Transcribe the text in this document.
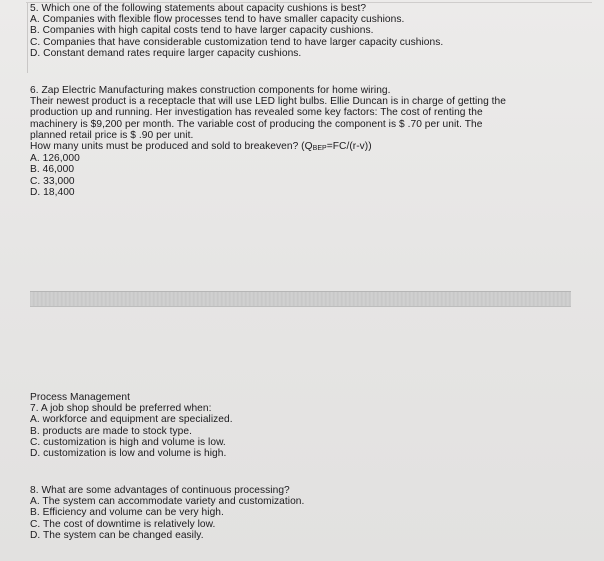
5. Which one of the following statements about capacity cushions is best?
A. Companies with flexible flow processes tend to have smaller capacity cushions.
B. Companies with high capital costs tend to have larger capacity cushions.
C. Companies that have considerable customization tend to have larger capacity cushions.
D. Constant demand rates require larger capacity cushions.
6. Zap Electric Manufacturing makes construction components for home wiring.
Their newest product is a receptacle that will use LED light bulbs. Ellie Duncan is in charge of getting the
production up and running. Her investigation has revealed some key factors: The cost of renting the
machinery is $9,200 per month. The variable cost of producing the component is $ .70 per unit. The
planned retail price is $ .90 per unit.
How many units must be produced and sold to breakeven? (QBEP=FC/(r-v))
A. 126,000
B. 46,000
C. 33,000
D. 18,400
Process Management
7. A job shop should be preferred when:
A. workforce and equipment are specialized.
B. products are made to stock type.
C. customization is high and volume is low.
D. customization is low and volume is high.
8. What are some advantages of continuous processing?
A. The system can accommodate variety and customization.
B. Efficiency and volume can be very high.
C. The cost of downtime is relatively low.
D. The system can be changed easily.
